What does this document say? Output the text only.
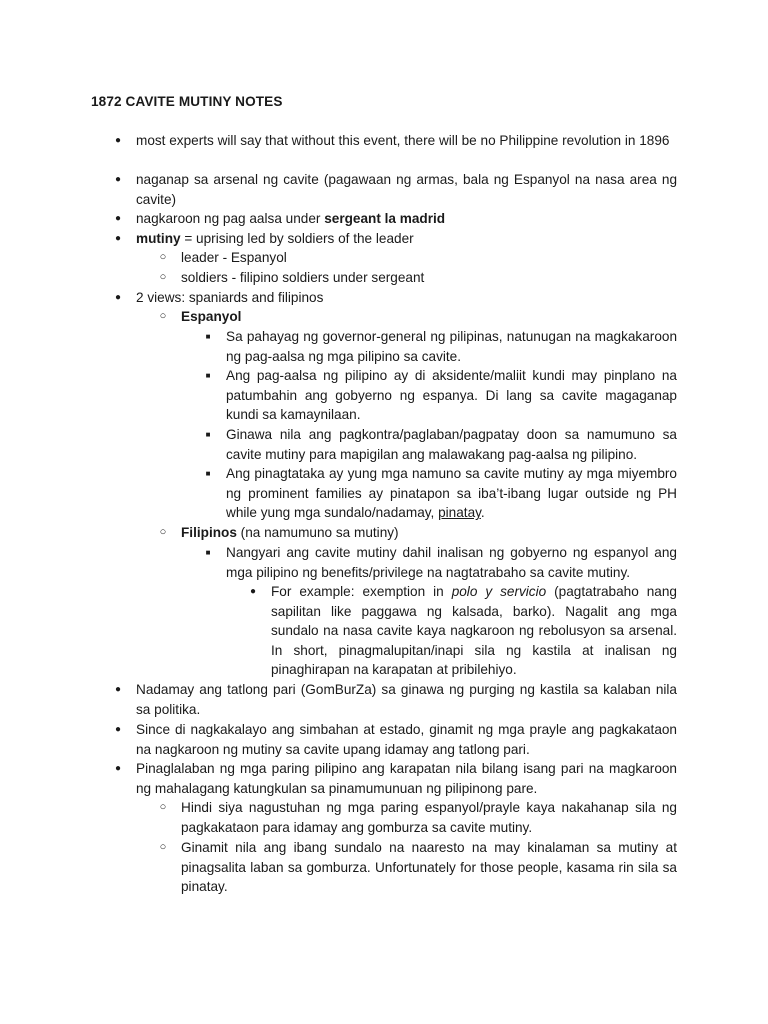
1872 CAVITE MUTINY NOTES
● most experts will say that without this event, there will be no Philippine revolution in 1896
● naganap sa arsenal ng cavite (pagawaan ng armas, bala ng Espanyol na nasa area ng cavite)
● nagkaroon ng pag aalsa under sergeant la madrid
● mutiny = uprising led by soldiers of the leader
○ leader - Espanyol
○ soldiers - filipino soldiers under sergeant
● 2 views: spaniards and filipinos
○ Espanyol
■	Sa pahayag ng governor-general ng pilipinas, natunugan na magkakaroon ng pag-aalsa ng mga pilipino sa cavite.
■	Ang pag-aalsa ng pilipino ay di aksidente/maliit kundi may pinplano na patumbahin ang gobyerno ng espanya. Di lang sa cavite magaganap kundi sa kamaynilaan.
■	Ginawa nila ang pagkontra/paglaban/pagpatay doon sa namumuno sa cavite mutiny para mapigilan ang malawakang pag-aalsa ng pilipino.
■	Ang pinagtataka ay yung mga namuno sa cavite mutiny ay mga miyembro ng prominent families ay pinatapon sa iba’t-ibang lugar outside ng PH while yung mga sundalo/nadamay, pinatay.
○ Filipinos (na namumuno sa mutiny)
■	Nangyari ang cavite mutiny dahil inalisan ng gobyerno ng espanyol ang mga pilipino ng benefits/privilege na nagtatrabaho sa cavite mutiny.
● For example: exemption in polo y servicio (pagtatrabaho nang sapilitan like paggawa ng kalsada, barko). Nagalit ang mga sundalo na nasa cavite kaya nagkaroon ng rebolusyon sa arsenal. In short, pinagmalupitan/inapi sila ng kastila at inalisan ng pinaghirapan na karapatan at pribilehiyo.
● Nadamay ang tatlong pari (GomBurZa) sa ginawa ng purging ng kastila sa kalaban nila sa politika.
● Since di nagkakalayo ang simbahan at estado, ginamit ng mga prayle ang pagkakataon na nagkaroon ng mutiny sa cavite upang idamay ang tatlong pari.
● Pinaglalaban ng mga paring pilipino ang karapatan nila bilang isang pari na magkaroon ng mahalagang katungkulan sa pinamumunuan ng pilipinong pare.
○ Hindi siya nagustuhan ng mga paring espanyol/prayle kaya nakahanap sila ng pagkakataon para idamay ang gomburza sa cavite mutiny.
○ Ginamit nila ang ibang sundalo na naaresto na may kinalaman sa mutiny at pinagsalita laban sa gomburza. Unfortunately for those people, kasama rin sila sa pinatay.
